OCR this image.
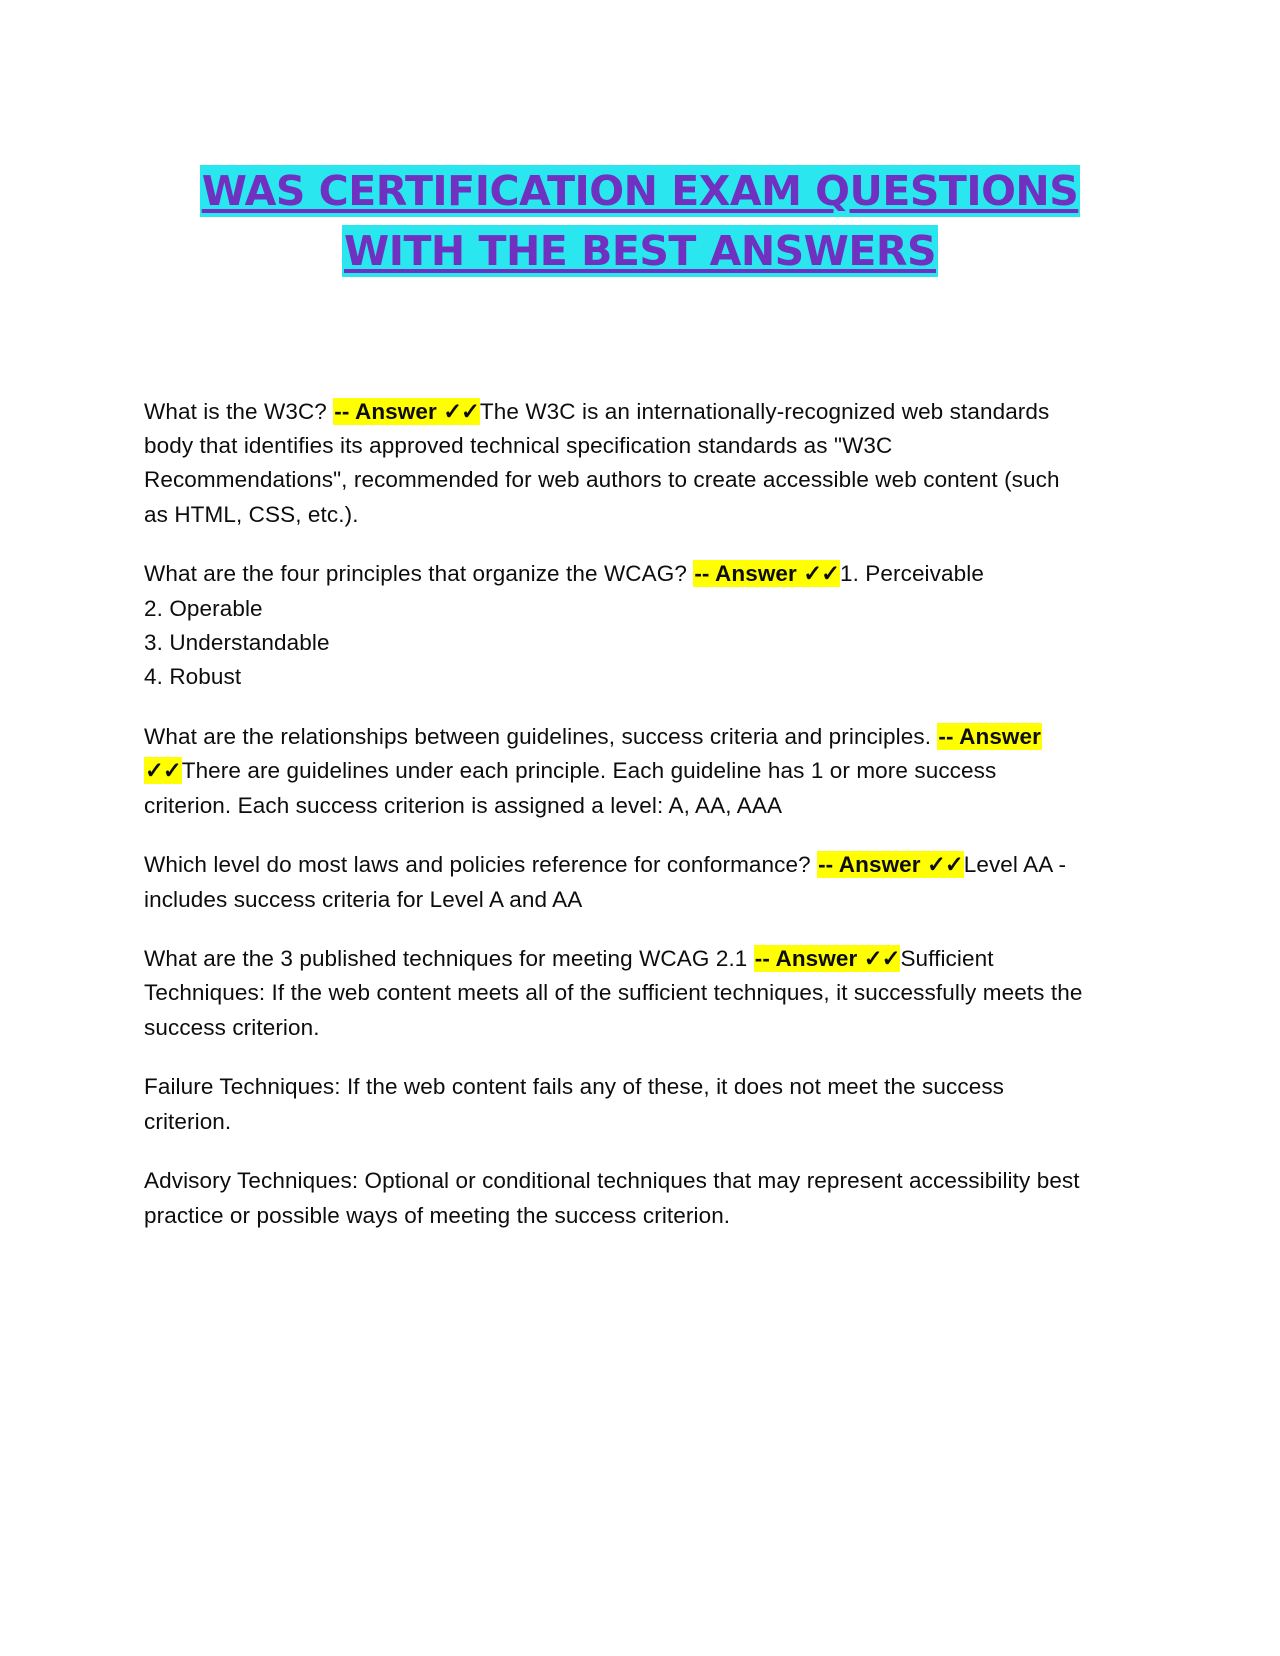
WAS CERTIFICATION EXAM QUESTIONS WITH THE BEST ANSWERS

What is the W3C? -- Answer ✓✓The W3C is an internationally-recognized web standards body that identifies its approved technical specification standards as "W3C Recommendations", recommended for web authors to create accessible web content (such as HTML, CSS, etc.).

What are the four principles that organize the WCAG? -- Answer ✓✓1. Perceivable
2. Operable
3. Understandable
4. Robust

What are the relationships between guidelines, success criteria and principles. -- Answer ✓✓There are guidelines under each principle. Each guideline has 1 or more success criterion. Each success criterion is assigned a level: A, AA, AAA

Which level do most laws and policies reference for conformance? -- Answer ✓✓Level AA - includes success criteria for Level A and AA

What are the 3 published techniques for meeting WCAG 2.1 -- Answer ✓✓Sufficient Techniques: If the web content meets all of the sufficient techniques, it successfully meets the success criterion.

Failure Techniques: If the web content fails any of these, it does not meet the success criterion.

Advisory Techniques: Optional or conditional techniques that may represent accessibility best
practice or possible ways of meeting the success criterion.
